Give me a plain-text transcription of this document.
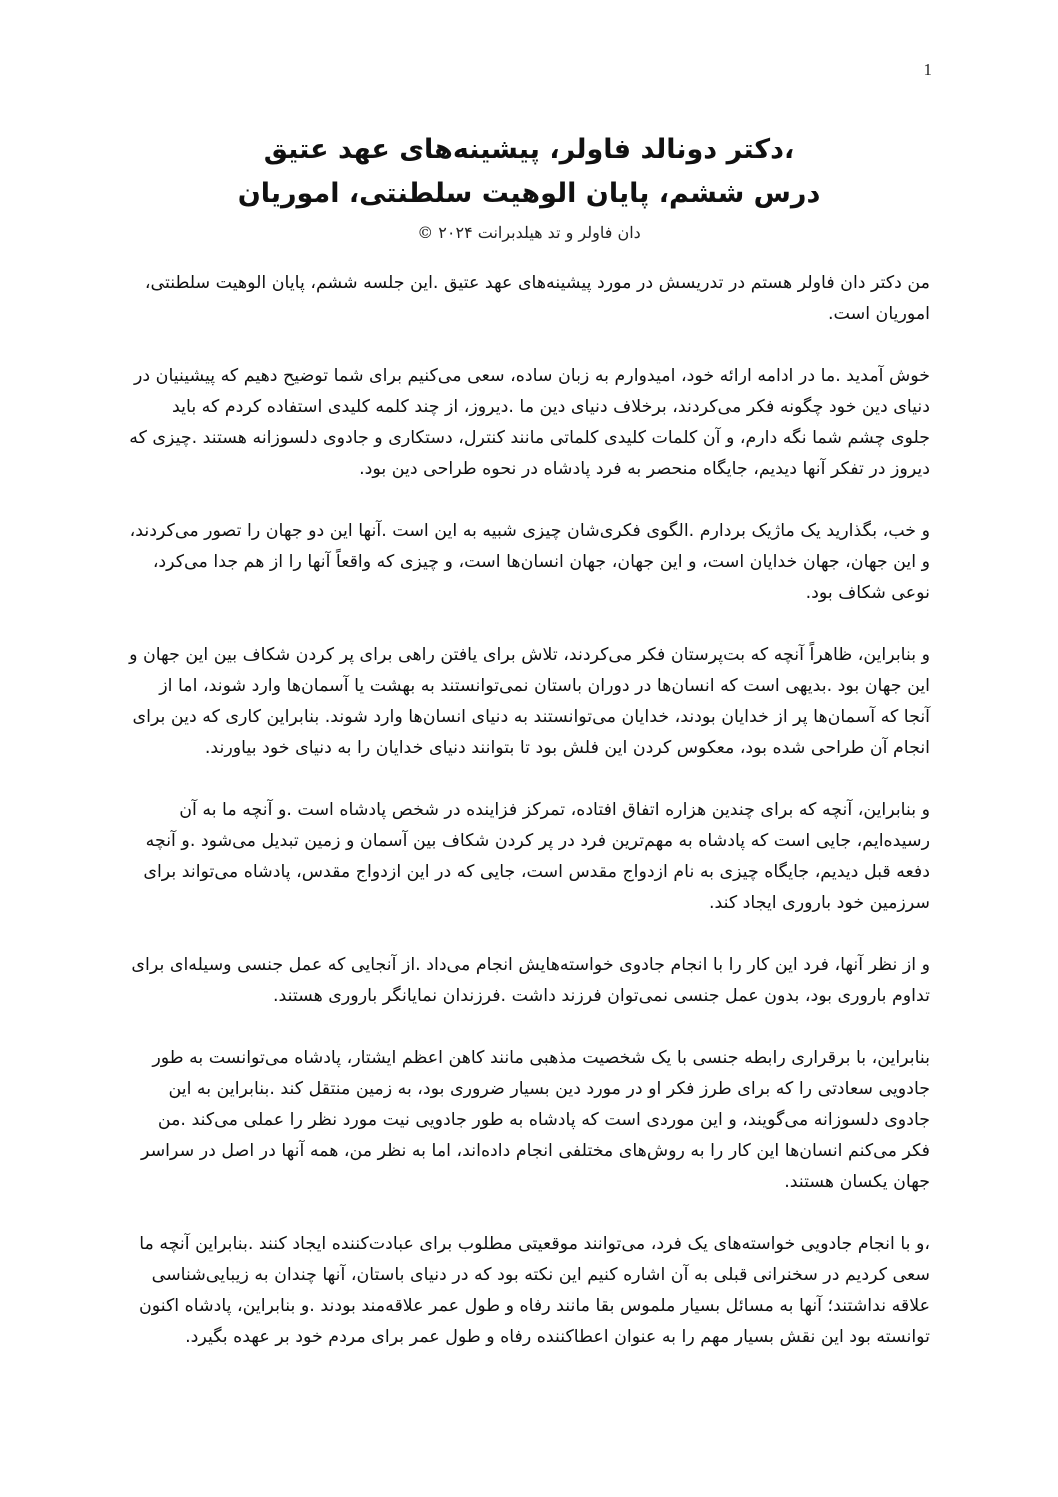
1

،دکتر دونالد فاولر، پیشینه‌های عهد عتیق

درس ششم، پایان الوهیت سلطنتی، اموریان

دان فاولر و تد هیلدبرانت ۲۰۲۴ ©

من دکتر دان فاولر هستم در تدریسش در مورد پیشینه‌های عهد عتیق .این جلسه ششم، پایان الوهیت سلطنتی، اموریان است.

خوش آمدید .ما در ادامه ارائه خود، امیدوارم به زبان ساده، سعی می‌کنیم برای شما توضیح دهیم که پیشینیان در دنیای دین خود چگونه فکر می‌کردند، برخلاف دنیای دین ما .دیروز، از چند کلمه کلیدی استفاده کردم که باید جلوی چشم شما نگه دارم، و آن کلمات کلیدی کلماتی مانند کنترل، دستکاری و جادوی دلسوزانه هستند .چیزی که دیروز در تفکر آنها دیدیم، جایگاه منحصر به فرد پادشاه در نحوه طراحی دین بود.

و خب، بگذارید یک ماژیک بردارم .الگوی فکری‌شان چیزی شبیه به این است .آنها این دو جهان را تصور می‌کردند، و این جهان، جهان خدایان است، و این جهان، جهان انسان‌ها است، و چیزی که واقعاً آنها را از هم جدا می‌کرد، نوعی شکاف بود.

و بنابراین، ظاهراً آنچه که بت‌پرستان فکر می‌کردند، تلاش برای یافتن راهی برای پر کردن شکاف بین این جهان و این جهان بود .بدیهی است که انسان‌ها در دوران باستان نمی‌توانستند به بهشت یا آسمان‌ها وارد شوند، اما از آنجا که آسمان‌ها پر از خدایان بودند، خدایان می‌توانستند به دنیای انسان‌ها وارد شوند. بنابراین کاری که دین برای انجام آن طراحی شده بود، معکوس کردن این فلش بود تا بتوانند دنیای خدایان را به دنیای خود بیاورند.

و بنابراین، آنچه که برای چندین هزاره اتفاق افتاده، تمرکز فزاینده در شخص پادشاه است .و آنچه ما به آن رسیده‌ایم، جایی است که پادشاه به مهم‌ترین فرد در پر کردن شکاف بین آسمان و زمین تبدیل می‌شود .و آنچه دفعه قبل دیدیم، جایگاه چیزی به نام ازدواج مقدس است، جایی که در این ازدواج مقدس، پادشاه می‌تواند برای سرزمین خود باروری ایجاد کند.

و از نظر آنها، فرد این کار را با انجام جادوی خواسته‌هایش انجام می‌داد .از آنجایی که عمل جنسی وسیله‌ای برای تداوم باروری بود، بدون عمل جنسی نمی‌توان فرزند داشت .فرزندان نمایانگر باروری هستند.

بنابراین، با برقراری رابطه جنسی با یک شخصیت مذهبی مانند کاهن اعظم ایشتار، پادشاه می‌توانست به طور جادویی سعادتی را که برای طرز فکر او در مورد دین بسیار ضروری بود، به زمین منتقل کند .بنابراین به این جادوی دلسوزانه می‌گویند، و این موردی است که پادشاه به طور جادویی نیت مورد نظر را عملی می‌کند .من فکر می‌کنم انسان‌ها این کار را به روش‌های مختلفی انجام داده‌اند، اما به نظر من، همه آنها در اصل در سراسر جهان یکسان هستند.

،و با انجام جادویی خواسته‌های یک فرد، می‌توانند موقعیتی مطلوب برای عبادت‌کننده ایجاد کنند .بنابراین آنچه ما سعی کردیم در سخنرانی قبلی به آن اشاره کنیم این نکته بود که در دنیای باستان، آنها چندان به زیبایی‌شناسی علاقه نداشتند؛ آنها به مسائل بسیار ملموس بقا مانند رفاه و طول عمر علاقه‌مند بودند .و بنابراین، پادشاه اکنون توانسته بود این نقش بسیار مهم را به عنوان اعطاکننده رفاه و طول عمر برای مردم خود بر عهده بگیرد.
